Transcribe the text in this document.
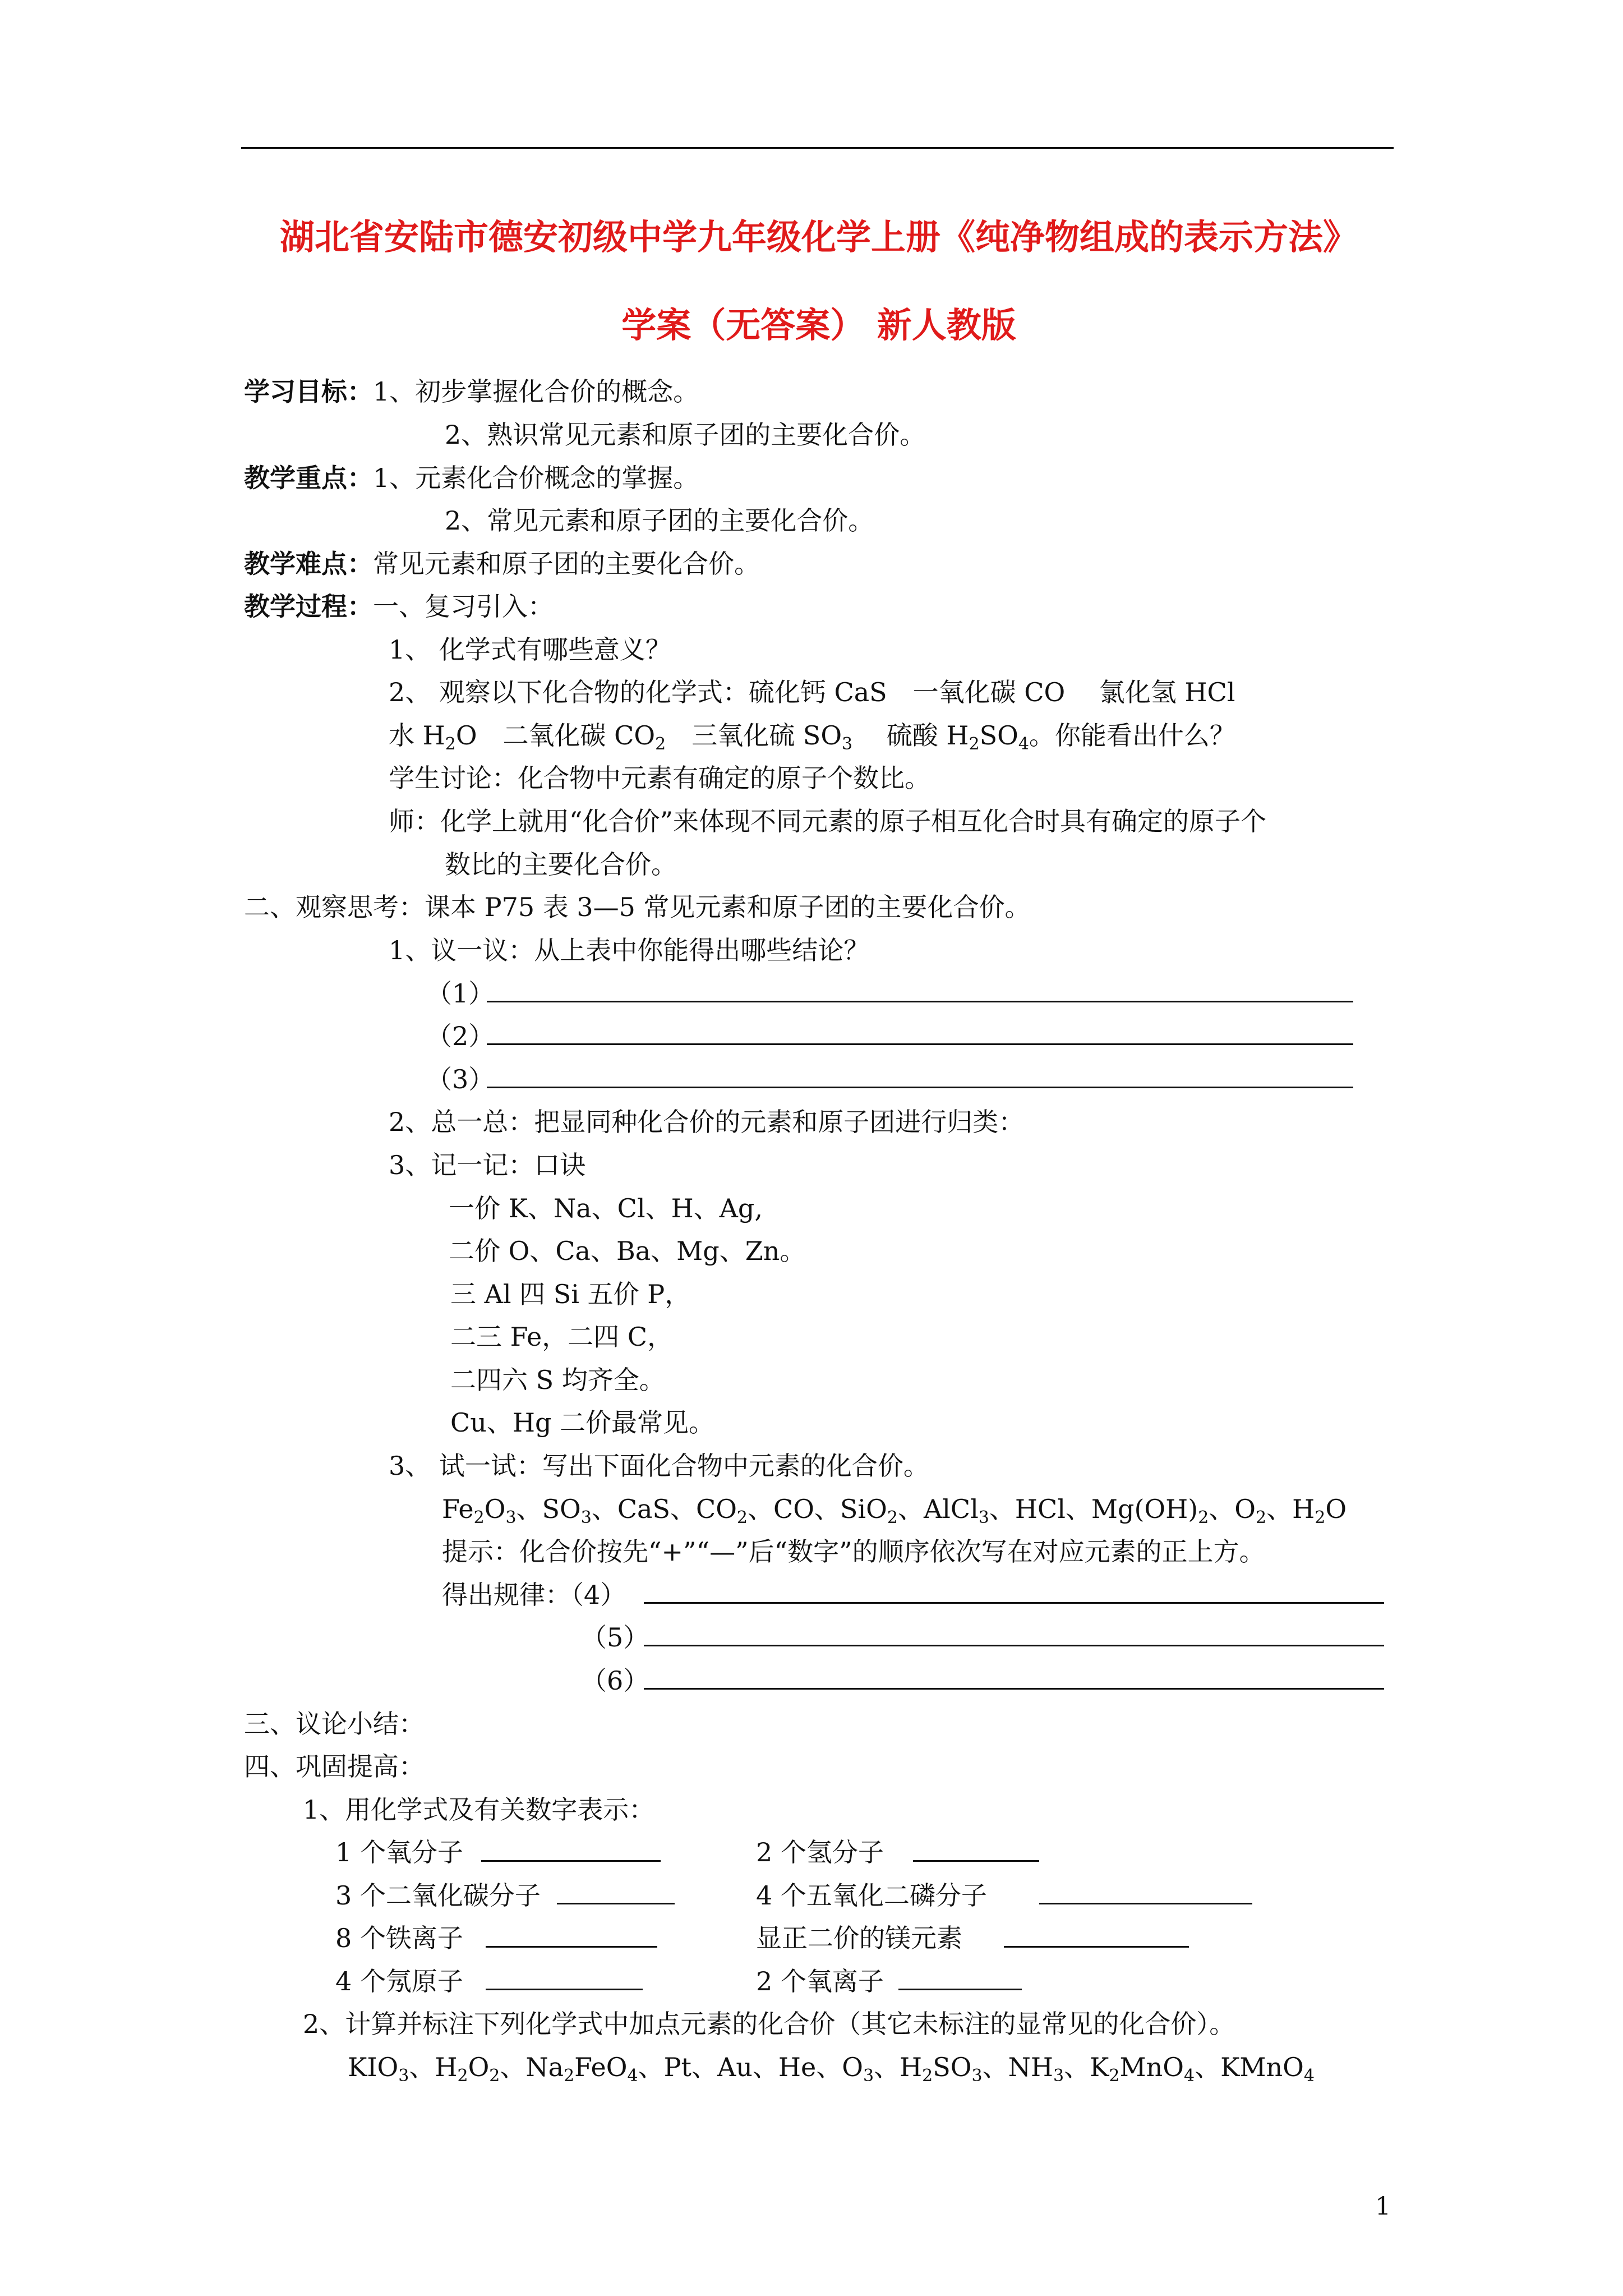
湖北省安陆市德安初级中学九年级化学上册《纯净物组成的表示方法》
学案（无答案） 新人教版
学习目标：1、初步掌握化合价的概念。
2、熟识常见元素和原子团的主要化合价。
教学重点：1、元素化合价概念的掌握。
2、常见元素和原子团的主要化合价。
教学难点：常见元素和原子团的主要化合价。
教学过程：一、复习引入：
1、 化学式有哪些意义？
2、 观察以下化合物的化学式：硫化钙 CaS　一氧化碳 CO　 氯化氢 HCl
水 $H_2O$　二氧化碳 $CO_2$　三氧化硫 $SO_3$　 硫酸 $H_2SO_4$。你能看出什么？
学生讨论：化合物中元素有确定的原子个数比。
师：化学上就用“化合价”来体现不同元素的原子相互化合时具有确定的原子个
数比的主要化合价。
二、观察思考：课本 P75 表 3—5 常见元素和原子团的主要化合价。
1、议一议：从上表中你能得出哪些结论？
（1）
（2）
（3）
2、总一总：把显同种化合价的元素和原子团进行归类：
3、记一记：口诀
一价 K、Na、Cl、H、Ag,
二价 O、Ca、Ba、Mg、Zn。
三 Al 四 Si 五价 P，
二三 Fe，二四 C，
二四六 S 均齐全。
Cu、Hg 二价最常见。
3、 试一试：写出下面化合物中元素的化合价。
$Fe_2O_3$、$SO_3$、CaS、$CO_2$、CO、SiO$_2$、AlCl$_3$、HCl、$Mg(OH)_2$、$O_2$、$H_2O$
提示：化合价按先“+”“—”后“数字”的顺序依次写在对应元素的正上方。
得出规律：（4）
（5）
（6）
三、议论小结：
四、巩固提高：
1、用化学式及有关数字表示：
1 个氧分子	2 个氢分子
3 个二氧化碳分子	4 个五氧化二磷分子
8 个铁离子	显正二价的镁元素
4 个氖原子	2 个氧离子
2、计算并标注下列化学式中加点元素的化合价（其它未标注的显常见的化合价）。
$KIO_3$、$H_2O_2$、$Na_2FeO_4$、Pt、Au、He、$O_3$、$H_2SO_3$、$NH_3$、$K_2MnO_4$、KMnO$_4$
1
